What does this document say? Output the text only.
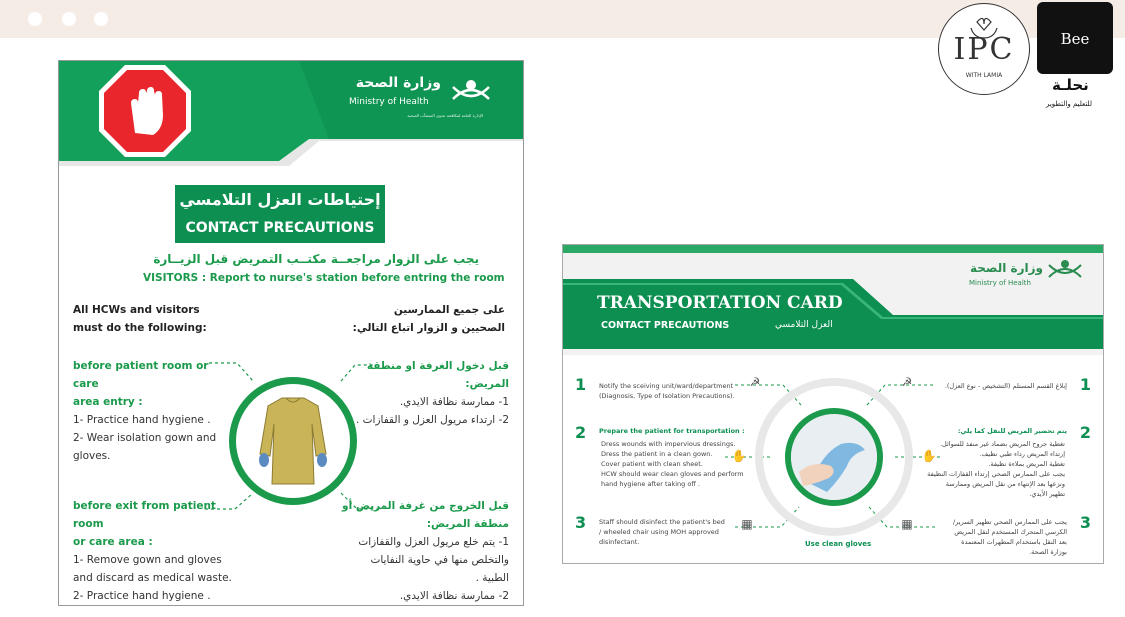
IPC
WITH LAMIA
Bee
نحلـة
للتعليم والتطوير
وزارة الصحة
Ministry of Health
الإدارة العامة لمكافحة عدوى المنشآت الصحية
إحتياطات العزل التلامسي
CONTACT PRECAUTIONS
يجب على الزوار مراجعــة مكتــب التمريض قبل الزيــارة
VISITORS : Report to nurse's station before entring the room
All HCWs and visitors
must do the following:
على جميع الممارسين
الصحيين و الزوار اتباع التالي:
before patient room or care
area entry :
1- Practice hand hygiene .
2- Wear isolation gown and
gloves.
قبل دخول الغرفة او منطقة
المريض:
1- ممارسة نظافة الايدي.
2- ارتداء مريول العزل و القفازات .
before exit from patient room
or care area :
1- Remove gown and gloves
and discard as medical waste.
2- Practice hand hygiene .
قبل الخروج من غرفة المريض أو
منطقة المريض:
1- يتم خلع مريول العزل والقفازات
والتخلص منها في حاوية النفايات
الطبية .
2- ممارسة نظافة الايدي.
وزارة الصحة
Ministry of Health
TRANSPORTATION CARD
CONTACT PRECAUTIONS	العزل التلامسي
Use clean gloves
1 Notify the sceiving unit/ward/department
(Diagnosis, Type of Isolation Precautions).
☭
2 Prepare the patient for transportation :
Dress wounds with impervious dressings.
Dress the patient in a clean gown.
Cover patient with clean sheet.
HCW should wear clean gloves and perform
hand hygiene after taking off .
✋
3 Staff should disinfect the patient's bed
/ wheeled chair using MOH approved
disinfectant.
▦
1
إبلاغ القسم المستلم (التشخيص - نوع العزل).
☭
2
يتم تحضير المريض للنقل كما يلي:
تغطية جروح المريض بضماد غير منفذ للسوائل.
إرتداء المريض رداء طبي نظيف.
تغطية المريض بملاءة نظيفة.
يجب على الممارس الصحي إرتداء القفازات النظيفة
ونزعها بعد الإنتهاء من نقل المريض وممارسة
تطهير الأيدي.
✋
3
يجب على الممارس الصحي تطهير السرير/
الكرسي المتحرك المستخدم لنقل المريض
بعد النقل باستخدام المطهرات المعتمدة
بوزارة الصحة.
▦
